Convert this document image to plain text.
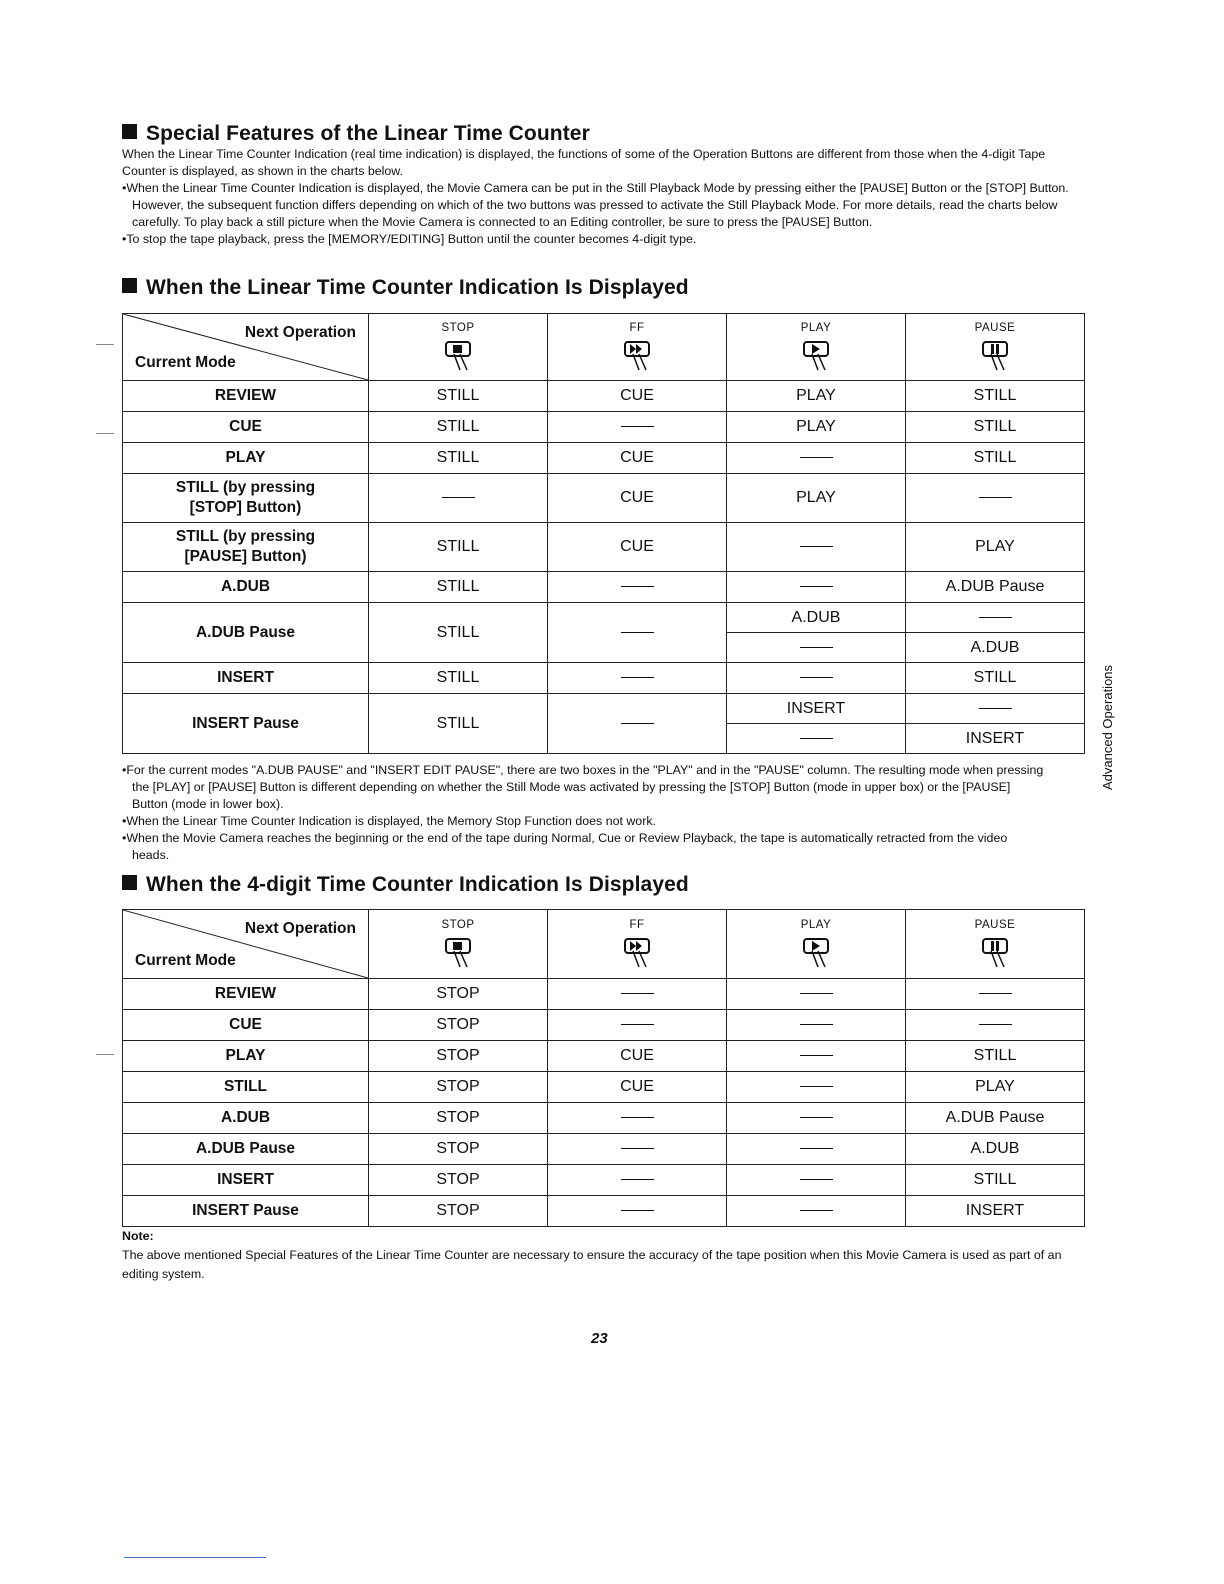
Special Features of the Linear Time Counter

When the Linear Time Counter Indication (real time indication) is displayed, the functions of some of the Operation Buttons are different from those when the 4-digit Tape Counter is displayed, as shown in the charts below.

•When the Linear Time Counter Indication is displayed, the Movie Camera can be put in the Still Playback Mode by pressing either the [PAUSE] Button or the [STOP] Button. However, the subsequent function differs depending on which of the two buttons was pressed to activate the Still Playback Mode. For more details, read the charts below carefully. To play back a still picture when the Movie Camera is connected to an Editing controller, be sure to press the [PAUSE] Button.

•To stop the tape playback, press the [MEMORY/EDITING] Button until the counter becomes 4-digit type.

When the Linear Time Counter Indication Is Displayed
Next Operation
Current Mode	STOP	FF	PLAY	PAUSE

REVIEW	STILL	CUE	PLAY	STILL
CUE	STILL		PLAY	STILL
PLAY	STILL	CUE		STILL
STILL (by pressing [STOP] Button)		CUE	PLAY	
STILL (by pressing [PAUSE] Button)	STILL	CUE		PLAY
A.DUB	STILL			A.DUB Pause
A.DUB Pause	STILL		A.DUB	
				A.DUB
INSERT	STILL			STILL
INSERT Pause	STILL		INSERT	
				INSERT

•For the current modes "A.DUB PAUSE" and "INSERT EDIT PAUSE", there are two boxes in the "PLAY" and in the "PAUSE" column. The resulting mode when pressing the [PLAY] or [PAUSE] Button is different depending on whether the Still Mode was activated by pressing the [STOP] Button (mode in upper box) or the [PAUSE] Button (mode in lower box).

•When the Linear Time Counter Indication is displayed, the Memory Stop Function does not work.

•When the Movie Camera reaches the beginning or the end of the tape during Normal, Cue or Review Playback, the tape is automatically retracted from the video heads.

When the 4-digit Time Counter Indication Is Displayed
Next Operation
Current Mode	STOP	FF	PLAY	PAUSE

REVIEW	STOP			
CUE	STOP			
PLAY	STOP	CUE		STILL
STILL	STOP	CUE		PLAY
A.DUB	STOP			A.DUB Pause
A.DUB Pause	STOP			A.DUB
INSERT	STOP			STILL
INSERT Pause	STOP			INSERT
Note:
The above mentioned Special Features of the Linear Time Counter are necessary to ensure the accuracy of the tape position when this Movie Camera is used as part of an editing system.
23
Advanced Operations
